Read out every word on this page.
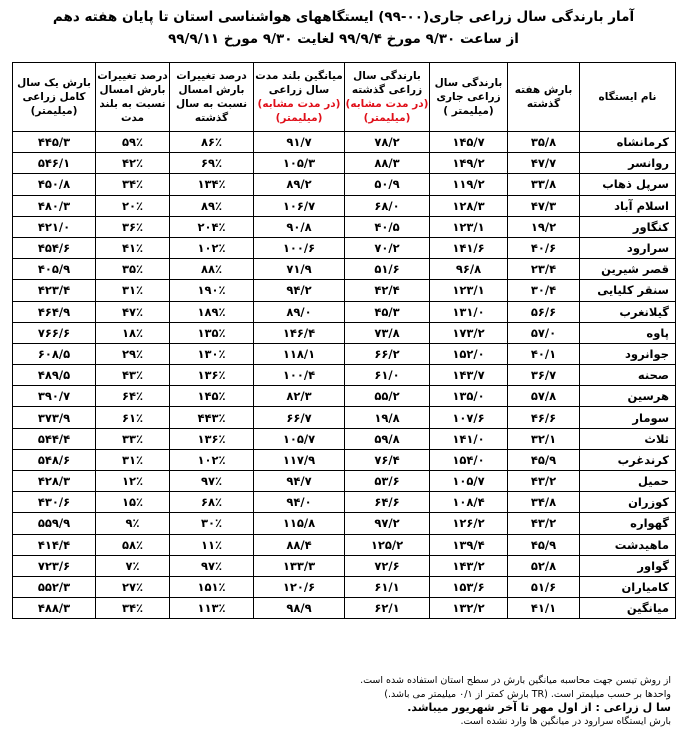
آمار بارندگی سال زراعی جاری(۰۰-۹۹) ایستگاههای هواشناسی استان تا پایان هفته دهم
از ساعت ۹/۳۰ مورخ ۹۹/۹/۴ لغایت ۹/۳۰ مورخ ۹۹/۹/۱۱
نام ایستگاه	بارش هفته گذشته	بارندگی سال زراعی جاری (میلیمتر )	بارندگی سال زراعی گذشته
(در مدت مشابه)
(میلیمتر)	میانگین بلند مدت سال زراعی
(در مدت مشابه)
(میلیمتر)	درصد تغییرات بارش امسال نسبت به سال گذشته	درصد تغییرات بارش امسال نسبت به بلند مدت	بارش یک سال کامل زراعی (میلیمتر)
کرمانشاه	۳۵/۸	۱۴۵/۷	۷۸/۲	۹۱/۷	۸۶٪	۵۹٪	۴۴۵/۳
روانسر	۴۷/۷	۱۴۹/۲	۸۸/۳	۱۰۵/۳	۶۹٪	۴۲٪	۵۴۶/۱
سرپل ذهاب	۳۳/۸	۱۱۹/۲	۵۰/۹	۸۹/۲	۱۳۴٪	۳۴٪	۴۵۰/۸
اسلام آباد	۴۷/۳	۱۲۸/۳	۶۸/۰	۱۰۶/۷	۸۹٪	۲۰٪	۴۸۰/۳
کنگاور	۱۹/۲	۱۲۳/۱	۴۰/۵	۹۰/۸	۲۰۴٪	۳۶٪	۴۲۱/۰
سرارود	۴۰/۶	۱۴۱/۶	۷۰/۲	۱۰۰/۶	۱۰۲٪	۴۱٪	۴۵۴/۶
قصر شیرین	۲۳/۴	۹۶/۸	۵۱/۶	۷۱/۹	۸۸٪	۳۵٪	۴۰۵/۹
سنقر کلیایی	۳۰/۴	۱۲۳/۱	۴۲/۴	۹۴/۲	۱۹۰٪	۳۱٪	۴۲۳/۴
گیلانغرب	۵۶/۶	۱۳۱/۰	۴۵/۳	۸۹/۰	۱۸۹٪	۴۷٪	۴۶۴/۹
پاوه	۵۷/۰	۱۷۳/۲	۷۳/۸	۱۴۶/۴	۱۳۵٪	۱۸٪	۷۶۶/۶
جوانرود	۴۰/۱	۱۵۲/۰	۶۶/۲	۱۱۸/۱	۱۳۰٪	۲۹٪	۶۰۸/۵
صحنه	۳۶/۷	۱۴۳/۷	۶۱/۰	۱۰۰/۴	۱۳۶٪	۴۳٪	۴۸۹/۵
هرسین	۵۷/۸	۱۳۵/۰	۵۵/۲	۸۲/۳	۱۴۵٪	۶۴٪	۳۹۰/۷
سومار	۴۶/۶	۱۰۷/۶	۱۹/۸	۶۶/۷	۴۴۳٪	۶۱٪	۳۷۳/۹
ثلاث	۳۲/۱	۱۴۱/۰	۵۹/۸	۱۰۵/۷	۱۳۶٪	۳۳٪	۵۴۴/۴
کرندغرب	۴۵/۹	۱۵۴/۰	۷۶/۴	۱۱۷/۹	۱۰۲٪	۳۱٪	۵۴۸/۶
حمیل	۴۳/۲	۱۰۵/۷	۵۳/۶	۹۴/۷	۹۷٪	۱۲٪	۴۲۸/۳
کوزران	۳۴/۸	۱۰۸/۴	۶۴/۶	۹۴/۰	۶۸٪	۱۵٪	۴۳۰/۶
گهواره	۴۳/۲	۱۲۶/۲	۹۷/۲	۱۱۵/۸	۳۰٪	۹٪	۵۵۹/۹
ماهیدشت	۴۵/۹	۱۳۹/۴	۱۲۵/۲	۸۸/۴	۱۱٪	۵۸٪	۴۱۴/۴
گواور	۵۲/۸	۱۴۳/۲	۷۲/۶	۱۳۳/۳	۹۷٪	۷٪	۷۲۳/۶
کامیاران	۵۱/۶	۱۵۳/۶	۶۱/۱	۱۲۰/۶	۱۵۱٪	۲۷٪	۵۵۲/۳
میانگین	۴۱/۱	۱۳۲/۲	۶۲/۱	۹۸/۹	۱۱۳٪	۳۴٪	۴۸۸/۳
از روش تیسن جهت محاسبه میانگین بارش در سطح استان استفاده شده است.
واحدها بر حسب میلیمتر است. (TR بارش کمتر از ۰/۱ میلیمتر می باشد.)
سا ل زراعی : از اول مهر تا آخر شهریور میباشد.
بارش ایستگاه سرارود در میانگین ها وارد نشده است.
